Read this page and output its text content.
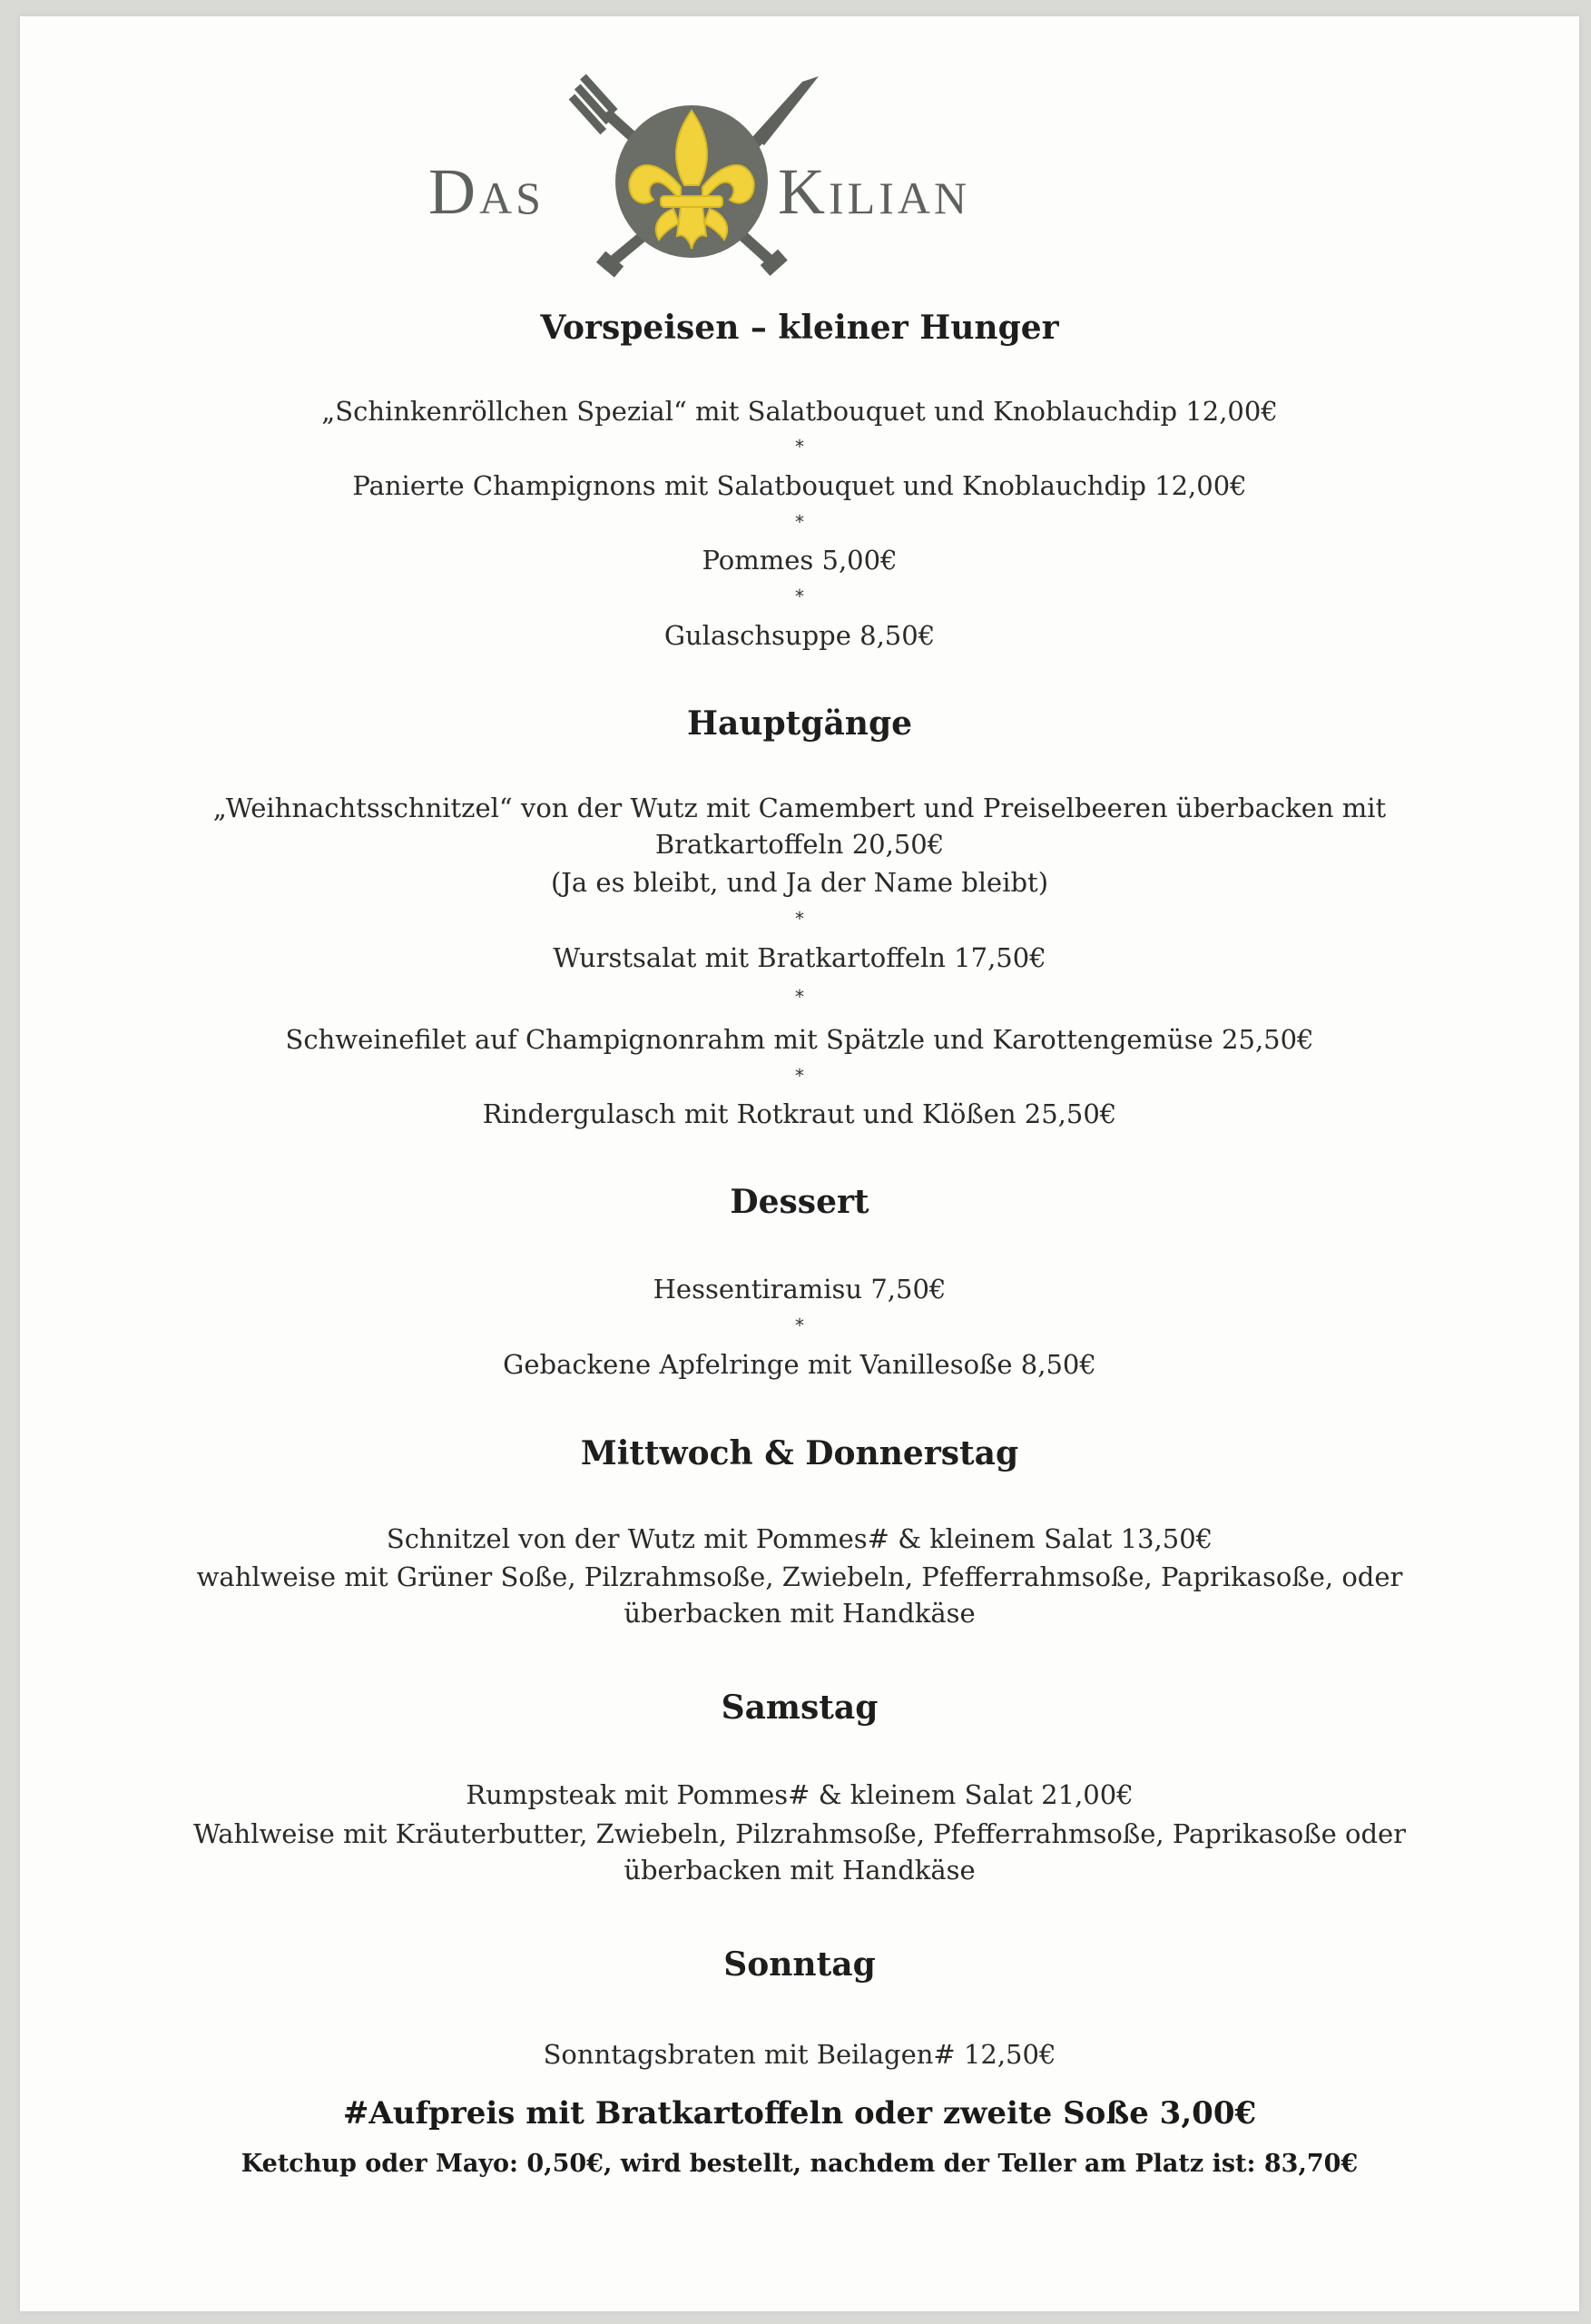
Das	Kilian
Vorspeisen – kleiner Hunger
„Schinkenröllchen Spezial“ mit Salatbouquet und Knoblauchdip 12,00€
*
Panierte Champignons mit Salatbouquet und Knoblauchdip 12,00€
*
Pommes 5,00€
*
Gulaschsuppe 8,50€
Hauptgänge
„Weihnachtsschnitzel“ von der Wutz mit Camembert und Preiselbeeren überbacken mit
Bratkartoffeln 20,50€
(Ja es bleibt, und Ja der Name bleibt)
*
Wurstsalat mit Bratkartoffeln 17,50€
*
Schweinefilet auf Champignonrahm mit Spätzle und Karottengemüse 25,50€
*
Rindergulasch mit Rotkraut und Klößen 25,50€
Dessert
Hessentiramisu 7,50€
*
Gebackene Apfelringe mit Vanillesoße 8,50€
Mittwoch & Donnerstag
Schnitzel von der Wutz mit Pommes# & kleinem Salat 13,50€
wahlweise mit Grüner Soße, Pilzrahmsoße, Zwiebeln, Pfefferrahmsoße, Paprikasoße, oder
überbacken mit Handkäse
Samstag
Rumpsteak mit Pommes# & kleinem Salat 21,00€
Wahlweise mit Kräuterbutter, Zwiebeln, Pilzrahmsoße, Pfefferrahmsoße, Paprikasoße oder
überbacken mit Handkäse
Sonntag
Sonntagsbraten mit Beilagen# 12,50€
#Aufpreis mit Bratkartoffeln oder zweite Soße 3,00€
Ketchup oder Mayo: 0,50€, wird bestellt, nachdem der Teller am Platz ist: 83,70€
